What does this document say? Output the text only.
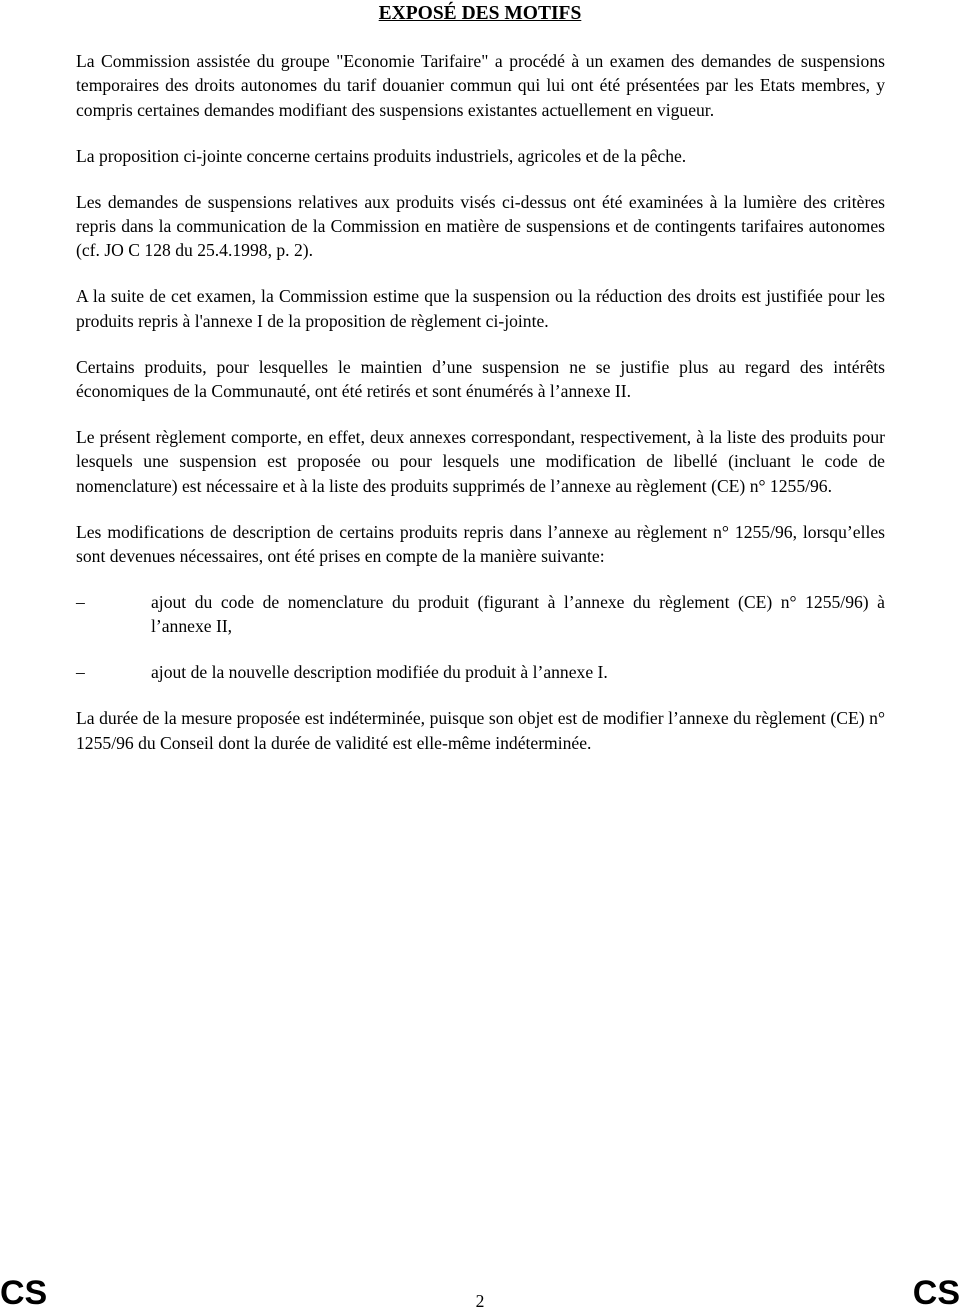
EXPOSÉ DES MOTIFS

La Commission assistée du groupe "Economie Tarifaire" a procédé à un examen des demandes de suspensions temporaires des droits autonomes du tarif douanier commun qui lui ont été présentées par les Etats membres, y compris certaines demandes modifiant des suspensions existantes actuellement en vigueur.

La proposition ci-jointe concerne certains produits industriels, agricoles et de la pêche.

Les demandes de suspensions relatives aux produits visés ci-dessus ont été examinées à la lumière des critères repris dans la communication de la Commission en matière de suspensions et de contingents tarifaires autonomes (cf. JO C 128 du 25.4.1998, p. 2).

A la suite de cet examen, la Commission estime que la suspension ou la réduction des droits est justifiée pour les produits repris à l'annexe I de la proposition de règlement ci-jointe.

Certains produits, pour lesquelles le maintien d’une suspension ne se justifie plus au regard des intérêts économiques de la Communauté, ont été retirés et sont énumérés à l’annexe II.

Le présent règlement comporte, en effet, deux annexes correspondant, respectivement, à la liste des produits pour lesquels une suspension est proposée ou pour lesquels une modification de libellé (incluant le code de nomenclature) est nécessaire et à la liste des produits supprimés de l’annexe au règlement (CE) n° 1255/96.

Les modifications de description de certains produits repris dans l’annexe au règlement n° 1255/96, lorsqu’elles sont devenues nécessaires, ont été prises en compte de la manière suivante:

–	ajout du code de nomenclature du produit (figurant à l’annexe du règlement (CE) n° 1255/96) à l’annexe II,
–	ajout de la nouvelle description modifiée du produit à l’annexe I.

La durée de la mesure proposée est indéterminée, puisque son objet est de modifier l’annexe du règlement (CE) n° 1255/96 du Conseil dont la durée de validité est elle-même indéterminée.

CS	2	CS
